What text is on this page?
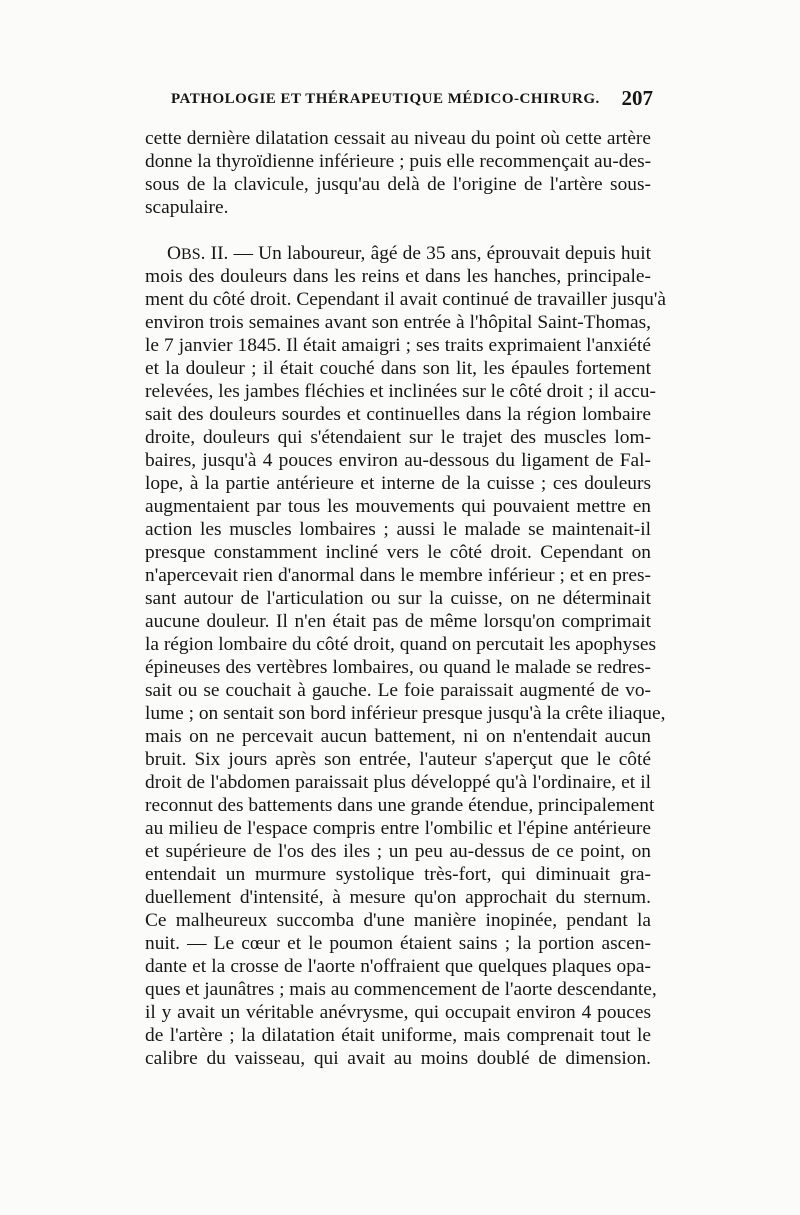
PATHOLOGIE ET THÉRAPEUTIQUE MÉDICO-CHIRURG. 207
cette dernière dilatation cessait au niveau du point où cette artère
donne la thyroïdienne inférieure ; puis elle recommençait au-des-
sous de la clavicule, jusqu'au delà de l'origine de l'artère sous-
scapulaire.
OBS. II. — Un laboureur, âgé de 35 ans, éprouvait depuis huit
mois des douleurs dans les reins et dans les hanches, principale-
ment du côté droit. Cependant il avait continué de travailler jusqu'à
environ trois semaines avant son entrée à l'hôpital Saint-Thomas,
le 7 janvier 1845. Il était amaigri ; ses traits exprimaient l'anxiété
et la douleur ; il était couché dans son lit, les épaules fortement
relevées, les jambes fléchies et inclinées sur le côté droit ; il accu-
sait des douleurs sourdes et continuelles dans la région lombaire
droite, douleurs qui s'étendaient sur le trajet des muscles lom-
baires, jusqu'à 4 pouces environ au-dessous du ligament de Fal-
lope, à la partie antérieure et interne de la cuisse ; ces douleurs
augmentaient par tous les mouvements qui pouvaient mettre en
action les muscles lombaires ; aussi le malade se maintenait-il
presque constamment incliné vers le côté droit. Cependant on
n'apercevait rien d'anormal dans le membre inférieur ; et en pres-
sant autour de l'articulation ou sur la cuisse, on ne déterminait
aucune douleur. Il n'en était pas de même lorsqu'on comprimait
la région lombaire du côté droit, quand on percutait les apophyses
épineuses des vertèbres lombaires, ou quand le malade se redres-
sait ou se couchait à gauche. Le foie paraissait augmenté de vo-
lume ; on sentait son bord inférieur presque jusqu'à la crête iliaque,
mais on ne percevait aucun battement, ni on n'entendait aucun
bruit. Six jours après son entrée, l'auteur s'aperçut que le côté
droit de l'abdomen paraissait plus développé qu'à l'ordinaire, et il
reconnut des battements dans une grande étendue, principalement
au milieu de l'espace compris entre l'ombilic et l'épine antérieure
et supérieure de l'os des iles ; un peu au-dessus de ce point, on
entendait un murmure systolique très-fort, qui diminuait gra-
duellement d'intensité, à mesure qu'on approchait du sternum.
Ce malheureux succomba d'une manière inopinée, pendant la
nuit. — Le cœur et le poumon étaient sains ; la portion ascen-
dante et la crosse de l'aorte n'offraient que quelques plaques opa-
ques et jaunâtres ; mais au commencement de l'aorte descendante,
il y avait un véritable anévrysme, qui occupait environ 4 pouces
de l'artère ; la dilatation était uniforme, mais comprenait tout le
calibre du vaisseau, qui avait au moins doublé de dimension.
